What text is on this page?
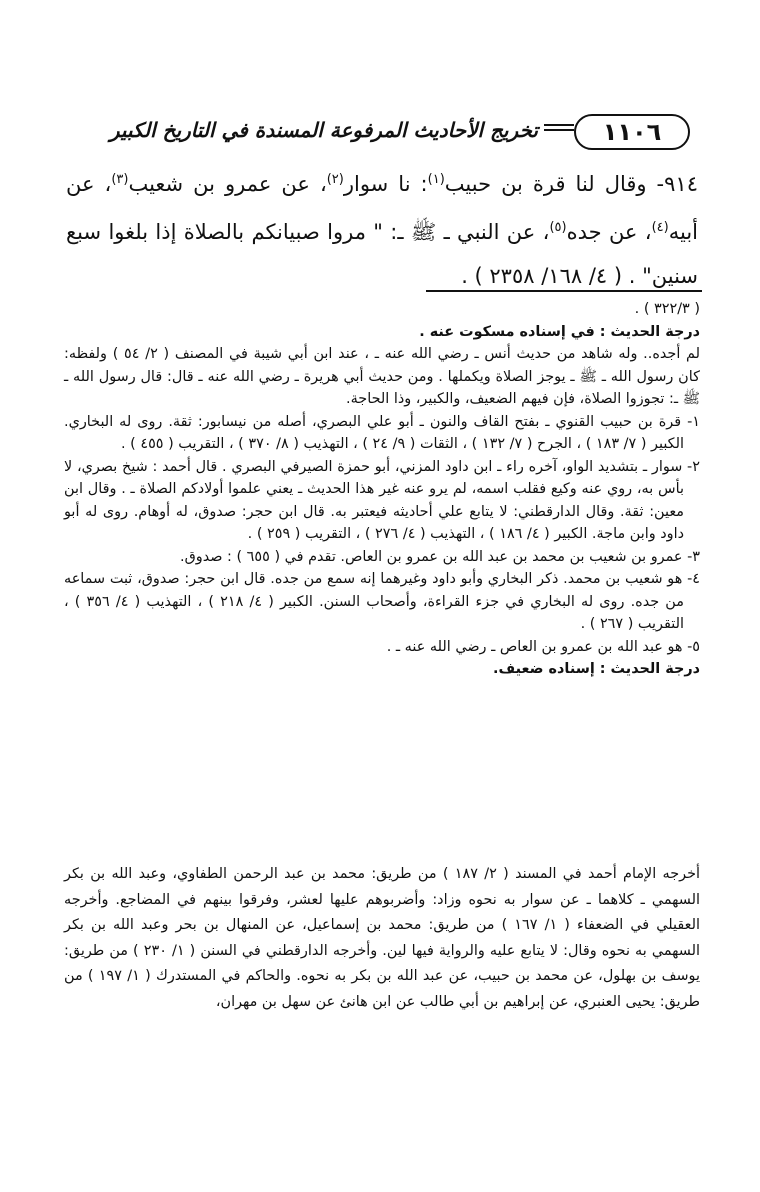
١١٠٦
تخريج الأحاديث المرفوعة المسندة في التاريخ الكبير
٩١٤- وقال لنا قرة بن حبيب$^{(١)}$: نا سوار$^{(٢)}$، عن عمرو بن شعيب$^{(٣)}$، عن أبيه$^{(٤)}$، عن جده$^{(٥)}$، عن النبي ـ ﷺ ـ: " مروا صبيانكم بالصلاة إذا بلغوا سبع سنين" . ( ٤/ ١٦٨/ ٢٣٥٨ ) .

( ٣٢٢/٣ ) .

درجة الحديث : في إسناده مسكوت عنه .

لم أجده.. وله شاهد من حديث أنس ـ رضي الله عنه ـ ، عند ابن أبي شيبة في المصنف ( ٢/ ٥٤ ) ولفظه: كان رسول الله ـ ﷺ ـ يوجز الصلاة ويكملها . ومن حديث أبي هريرة ـ رضي الله عنه ـ قال: قال رسول الله ـ ﷺ ـ: تجوزوا الصلاة، فإن فيهم الضعيف، والكبير، وذا الحاجة.

١- قرة بن حبيب القنوي ـ بفتح القاف والنون ـ أبو علي البصري، أصله من نيسابور: ثقة. روى له البخاري. الكبير ( ٧/ ١٨٣ ) ، الجرح ( ٧/ ١٣٢ ) ، الثقات ( ٩/ ٢٤ ) ، التهذيب ( ٨/ ٣٧٠ ) ، التقريب ( ٤٥٥ ) .

٢- سوار ـ بتشديد الواو، آخره راء ـ ابن داود المزني، أبو حمزة الصيرفي البصري . قال أحمد : شيخ بصري، لا بأس به، روي عنه وكيع فقلب اسمه، لم يرو عنه غير هذا الحديث ـ يعني علموا أولادكم الصلاة ـ . وقال ابن معين: ثقة. وقال الدارقطني: لا يتابع علي أحاديثه فيعتبر به. قال ابن حجر: صدوق، له أوهام. روى له أبو داود وابن ماجة. الكبير ( ٤/ ١٨٦ ) ، التهذيب ( ٤/ ٢٧٦ ) ، التقريب ( ٢٥٩ ) .

٣- عمرو بن شعيب بن محمد بن عبد الله بن عمرو بن العاص. تقدم في ( ٦٥٥ ) : صدوق.

٤- هو شعيب بن محمد. ذكر البخاري وأبو داود وغيرهما إنه سمع من جده. قال ابن حجر: صدوق، ثبت سماعه من جده. روى له البخاري في جزء القراءة، وأصحاب السنن. الكبير ( ٤/ ٢١٨ ) ، التهذيب ( ٤/ ٣٥٦ ) ، التقريب ( ٢٦٧ ) .

٥- هو عبد الله بن عمرو بن العاص ـ رضي الله عنه ـ .

درجة الحديث : إسناده ضعيف.

أخرجه الإمام أحمد في المسند ( ٢/ ١٨٧ ) من طريق: محمد بن عبد الرحمن الطفاوي، وعبد الله بن بكر السهمي ـ كلاهما ـ عن سوار به نحوه وزاد: وأضربوهم عليها لعشر، وفرقوا بينهم في المضاجع. وأخرجه العقيلي في الضعفاء ( ١/ ١٦٧ ) من طريق: محمد بن إسماعيل، عن المنهال بن بحر وعبد الله بن بكر السهمي به نحوه وقال: لا يتابع عليه والرواية فيها لين. وأخرجه الدارقطني في السنن ( ١/ ٢٣٠ ) من طريق: يوسف بن بهلول، عن محمد بن حبيب، عن عبد الله بن بكر به نحوه. والحاكم في المستدرك ( ١/ ١٩٧ ) من طريق: يحيى العنبري، عن إبراهيم بن أبي طالب عن ابن هانئ عن سهل بن مهران،
